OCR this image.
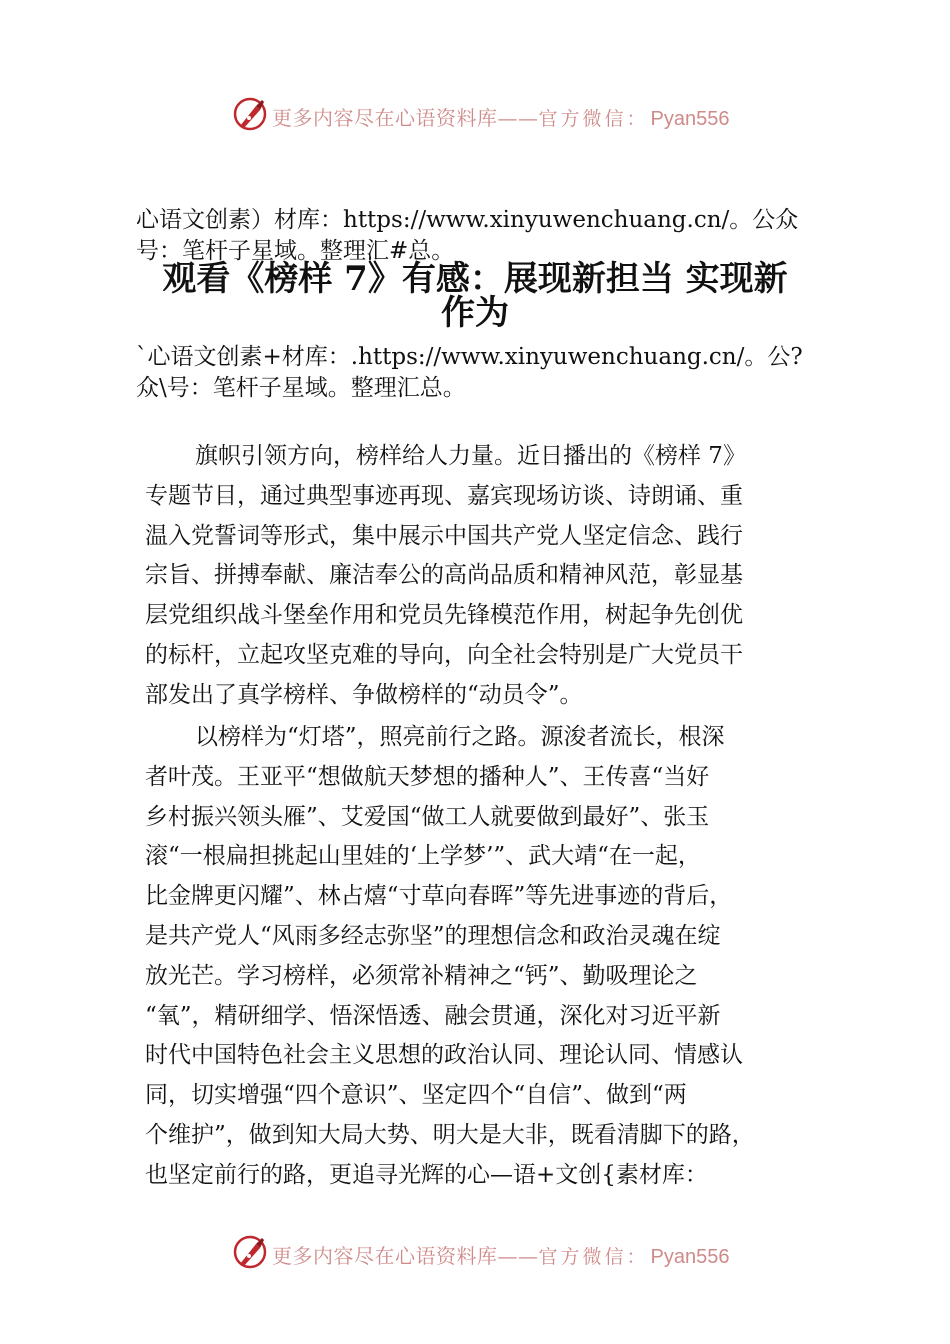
更多内容尽在心语资料库——官方微信： Pyan556
心语文创素）材库：https://www.xinyuwenchuang.cn/。公众
号：笔杆子星域。整理汇#总。
观看《榜样 7》有感：展现新担当 实现新
作为
`心语文创素+材库：.https://www.xinyuwenchuang.cn/。公?
众\号：笔杆子星域。整理汇总。
旗帜引领方向，榜样给人力量。近日播出的《榜样 7》
专题节目，通过典型事迹再现、嘉宾现场访谈、诗朗诵、重
温入党誓词等形式，集中展示中国共产党人坚定信念、践行
宗旨、拼搏奉献、廉洁奉公的高尚品质和精神风范，彰显基
层党组织战斗堡垒作用和党员先锋模范作用，树起争先创优
的标杆，立起攻坚克难的导向，向全社会特别是广大党员干
部发出了真学榜样、争做榜样的“动员令”。
以榜样为“灯塔”，照亮前行之路。源浚者流长，根深
者叶茂。王亚平“想做航天梦想的播种人”、王传喜“当好
乡村振兴领头雁”、艾爱国“做工人就要做到最好”、张玉
滚“一根扁担挑起山里娃的‘上学梦’”、武大靖“在一起，
比金牌更闪耀”、林占熺“寸草向春晖”等先进事迹的背后，
是共产党人“风雨多经志弥坚”的理想信念和政治灵魂在绽
放光芒。学习榜样，必须常补精神之“钙”、勤吸理论之
“氧”，精研细学、悟深悟透、融会贯通，深化对习近平新
时代中国特色社会主义思想的政治认同、理论认同、情感认
同，切实增强“四个意识”、坚定四个“自信”、做到“两
个维护”，做到知大局大势、明大是大非，既看清脚下的路，
也坚定前行的路，更追寻光辉的心—语+文创{素材库：
更多内容尽在心语资料库——官方微信： Pyan556
